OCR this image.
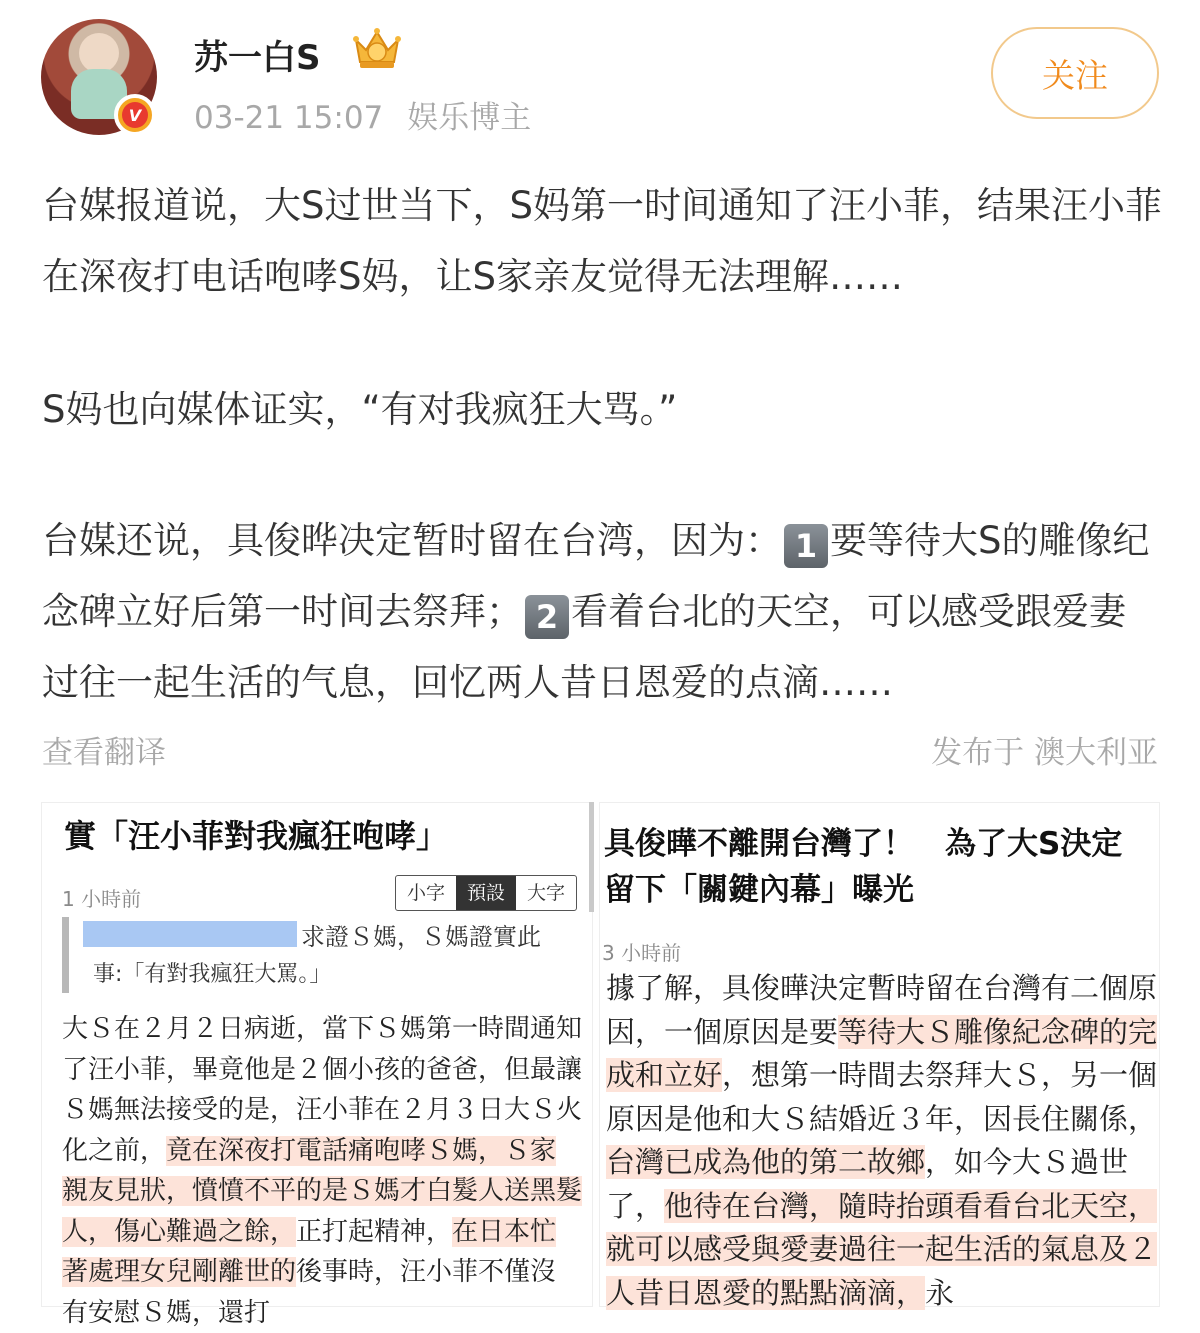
V
苏一白S
03-21 15:07 娱乐博主
关注
台媒报道说，大S过世当下，S妈第一时间通知了汪小菲，结果汪小菲在深夜打电话咆哮S妈，让S家亲友觉得无法理解……
S妈也向媒体证实，“有对我疯狂大骂。”
台媒还说，具俊晔决定暂时留在台湾，因为： 1 要等待大S的雕像纪念碑立好后第一时间去祭拜； 2 看着台北的天空，可以感受跟爱妻过往一起生活的气息，回忆两人昔日恩爱的点滴……
查看翻译	发布于 澳大利亚
實「汪小菲對我瘋狂咆哮」
1 小時前	小字	預設	大字
求證Ｓ媽，Ｓ媽證實此
事:「有對我瘋狂大罵。」
大Ｓ在２月２日病逝，當下Ｓ媽第一時間通知了汪小菲，畢竟他是２個小孩的爸爸，但最讓Ｓ媽無法接受的是，汪小菲在２月３日大Ｓ火化之前，竟在深夜打電話痛咆哮Ｓ媽，Ｓ家親友見狀，憤憤不平的是Ｓ媽才白髮人送黑髮人，傷心難過之餘，正打起精神，在日本忙著處理女兒剛離世的後事時，汪小菲不僅沒有安慰Ｓ媽，還打
具俊曄不離開台灣了！　為了大S決定
留下「關鍵內幕」曝光
3 小時前
據了解，具俊曄決定暫時留在台灣有二個原因，一個原因是要等待大Ｓ雕像紀念碑的完成和立好，想第一時間去祭拜大Ｓ，另一個原因是他和大Ｓ結婚近３年，因長住關係，台灣已成為他的第二故鄉，如今大Ｓ過世了，他待在台灣，隨時抬頭看看台北天空，就可以感受與愛妻過往一起生活的氣息及２人昔日恩愛的點點滴滴，永
